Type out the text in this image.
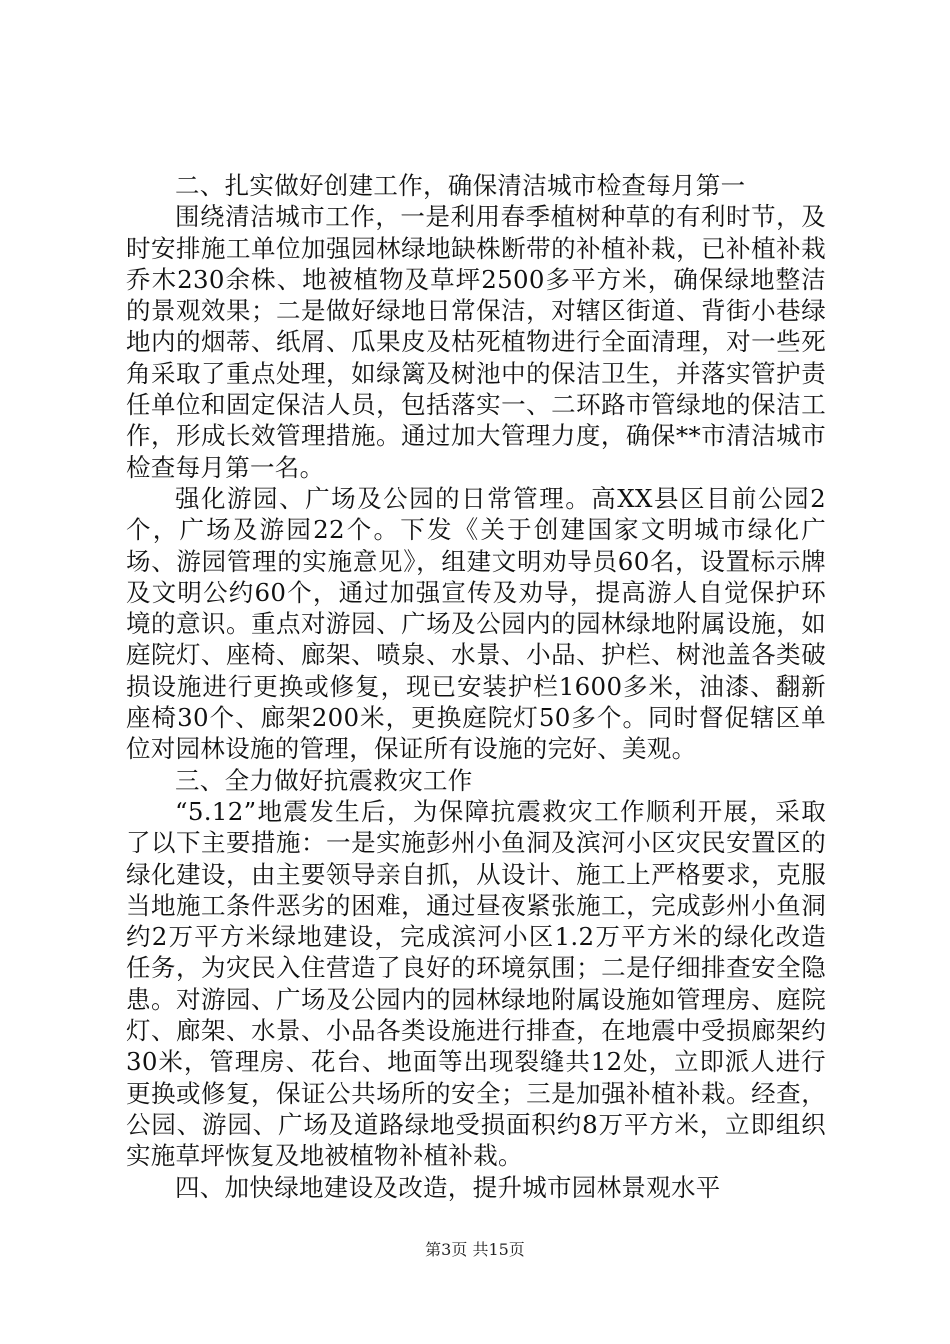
二、扎实做好创建工作，确保清洁城市检查每月第一

围绕清洁城市工作，一是利用春季植树种草的有利时节，及时安排施工单位加强园林绿地缺株断带的补植补栽，已补植补栽乔木230余株、地被植物及草坪2500多平方米，确保绿地整洁的景观效果；二是做好绿地日常保洁，对辖区街道、背街小巷绿地内的烟蒂、纸屑、瓜果皮及枯死植物进行全面清理，对一些死角采取了重点处理，如绿篱及树池中的保洁卫生，并落实管护责任单位和固定保洁人员，包括落实一、二环路市管绿地的保洁工作，形成长效管理措施。通过加大管理力度，确保**市清洁城市检查每月第一名。

强化游园、广场及公园的日常管理。高XX县区目前公园2个，广场及游园22个。下发《关于创建国家文明城市绿化广场、游园管理的实施意见》，组建文明劝导员60名，设置标示牌及文明公约60个，通过加强宣传及劝导，提高游人自觉保护环境的意识。重点对游园、广场及公园内的园林绿地附属设施，如庭院灯、座椅、廊架、喷泉、水景、小品、护栏、树池盖各类破损设施进行更换或修复，现已安装护栏1600多米，油漆、翻新座椅30个、廊架200米，更换庭院灯50多个。同时督促辖区单位对园林设施的管理，保证所有设施的完好、美观。

三、全力做好抗震救灾工作

“5.12”地震发生后，为保障抗震救灾工作顺利开展，采取了以下主要措施：一是实施彭州小鱼洞及滨河小区灾民安置区的绿化建设，由主要领导亲自抓，从设计、施工上严格要求，克服当地施工条件恶劣的困难，通过昼夜紧张施工，完成彭州小鱼洞约2万平方米绿地建设，完成滨河小区1.2万平方米的绿化改造任务，为灾民入住营造了良好的环境氛围；二是仔细排查安全隐患。对游园、广场及公园内的园林绿地附属设施如管理房、庭院灯、廊架、水景、小品各类设施进行排查，在地震中受损廊架约30米，管理房、花台、地面等出现裂缝共12处，立即派人进行更换或修复，保证公共场所的安全；三是加强补植补栽。经查，公园、游园、广场及道路绿地受损面积约8万平方米，立即组织实施草坪恢复及地被植物补植补栽。

四、加快绿地建设及改造，提升城市园林景观水平

第3页 共15页
